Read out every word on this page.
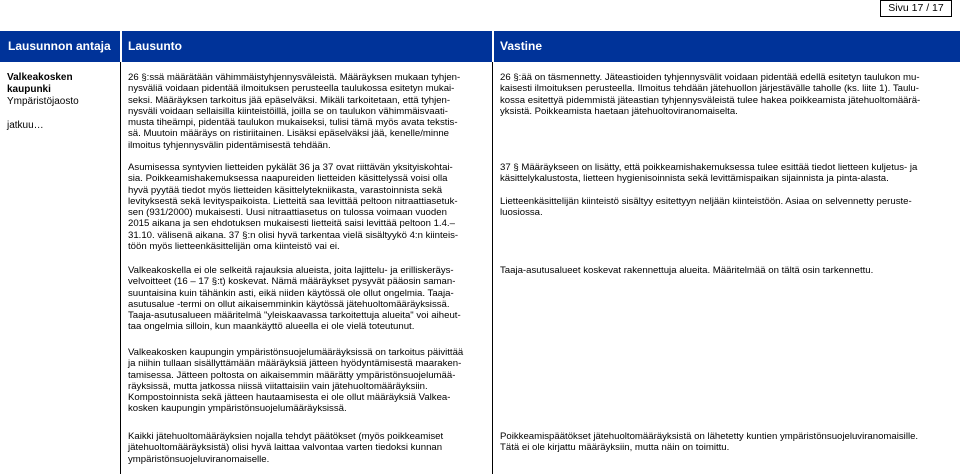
Sivu 17 / 17
Lausunnon antaja Lausunto	Vastine
Valkeakosken
kaupunki
Ympäristöjaosto
jatkuu…
26 §:ssä määrätään vähimmäistyhjennysväleistä. Määräyksen mukaan tyhjen-
nysväliä voidaan pidentää ilmoituksen perusteella taulukossa esitetyn mukai-
seksi. Määräyksen tarkoitus jää epäselväksi. Mikäli tarkoitetaan, että tyhjen-
nysväli voidaan sellaisilla kiinteistöillä, joilla se on taulukon vähimmäisvaati-
musta tiheämpi, pidentää taulukon mukaiseksi, tulisi tämä myös avata tekstis-
sä. Muutoin määräys on ristiriitainen. Lisäksi epäselväksi jää, kenelle/minne
ilmoitus tyhjennysvälin pidentämisestä tehdään.
Asumisessa syntyvien lietteiden pykälät 36 ja 37 ovat riittävän yksityiskohtai-
sia. Poikkeamishakemuksessa naapureiden lietteiden käsittelyssä voisi olla
hyvä pyytää tiedot myös lietteiden käsittelytekniikasta, varastoinnista sekä
levityksestä sekä levityspaikoista. Lietteitä saa levittää peltoon nitraattiasetuk-
sen (931/2000) mukaisesti. Uusi nitraattiasetus on tulossa voimaan vuoden
2015 aikana ja sen ehdotuksen mukaisesti lietteitä saisi levittää peltoon 1.4.–
31.10. välisenä aikana. 37 §:n olisi hyvä tarkentaa vielä sisältyykö 4:n kiinteis-
töön myös lietteenkäsittelijän oma kiinteistö vai ei.
Valkeakoskella ei ole selkeitä rajauksia alueista, joita lajittelu- ja erilliskeräys-
velvoitteet (16 – 17 §:t) koskevat. Nämä määräykset pysyvät pääosin saman-
suuntaisina kuin tähänkin asti, eikä niiden käytössä ole ollut ongelmia. Taaja-
asutusalue -termi on ollut aikaisemminkin käytössä jätehuoltomääräyksissä.
Taaja-asutusalueen määritelmä "yleiskaavassa tarkoitettuja alueita" voi aiheut-
taa ongelmia silloin, kun maankäyttö alueella ei ole vielä toteutunut.
Valkeakosken kaupungin ympäristönsuojelumääräyksissä on tarkoitus päivittää
ja niihin tullaan sisällyttämään määräyksiä jätteen hyödyntämisestä maaraken-
tamisessa. Jätteen poltosta on aikaisemmin määrätty ympäristönsuojelumää-
räyksissä, mutta jatkossa niissä viitattaisiin vain jätehuoltomääräyksiin.
Kompostoinnista sekä jätteen hautaamisesta ei ole ollut määräyksiä Valkea-
kosken kaupungin ympäristönsuojelumääräyksissä.
Kaikki jätehuoltomääräyksien nojalla tehdyt päätökset (myös poikkeamiset
jätehuoltomääräyksistä) olisi hyvä laittaa valvontaa varten tiedoksi kunnan
ympäristönsuojeluviranomaiselle.
26 §:ää on täsmennetty. Jäteastioiden tyhjennysvälit voidaan pidentää edellä esitetyn taulukon mu-
kaisesti ilmoituksen perusteella. Ilmoitus tehdään jätehuollon järjestävälle taholle (ks. liite 1). Taulu-
kossa esitettyä pidemmistä jäteastian tyhjennysväleistä tulee hakea poikkeamista jätehuoltomäärä-
yksistä. Poikkeamista haetaan jätehuoltoviranomaiselta.
37 § Määräykseen on lisätty, että poikkeamishakemuksessa tulee esittää tiedot lietteen kuljetus- ja
käsittelykalustosta, lietteen hygienisoinnista sekä levittämispaikan sijainnista ja pinta-alasta.
Lietteenkäsittelijän kiinteistö sisältyy esitettyyn neljään kiinteistöön. Asiaa on selvennetty peruste-
luosiossa.
Taaja-asutusalueet koskevat rakennettuja alueita. Määritelmää on tältä osin tarkennettu.
Poikkeamispäätökset jätehuoltomääräyksistä on lähetetty kuntien ympäristönsuojeluviranomaisille.
Tätä ei ole kirjattu määräyksiin, mutta näin on toimittu.
